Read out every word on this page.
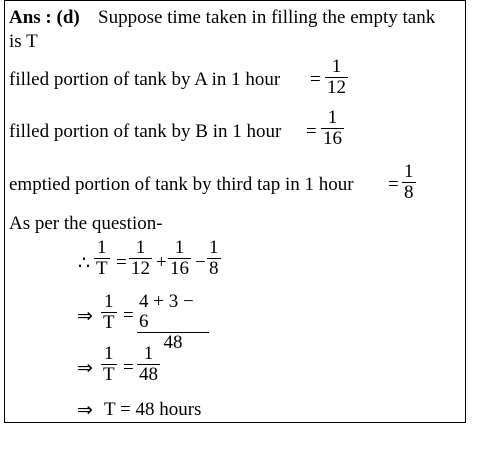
Ans : (d) Suppose time taken in filling the empty tank
is T
filled portion of tank by A in 1 hour =
1
12
filled portion of tank by B in 1 hour =
1
16
emptied portion of tank by third tap in 1 hour =
1
8
As per the question-
∴
1
T =
1
12 +
1
16 −
1
8
⇒
1
T =
4 + 3 − 6
48
⇒
1
T =
1
48
⇒ T = 48 hours
